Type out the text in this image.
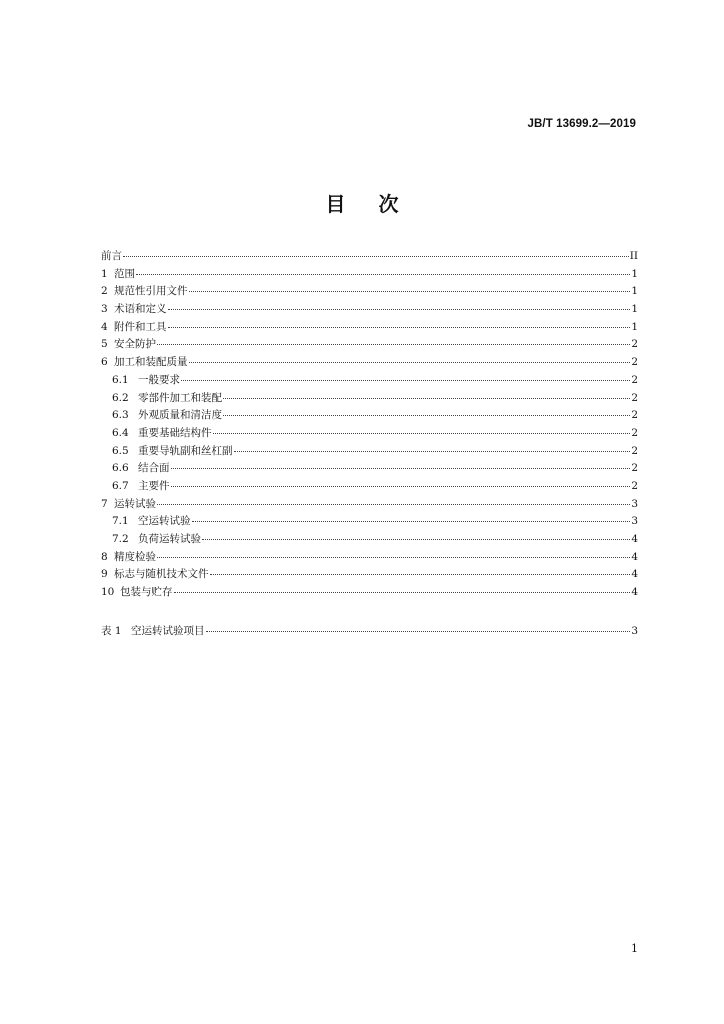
JB/T 13699.2—2019
目 次
前言	II
1 范围	1
2 规范性引用文件	1
3 术语和定义	1
4 附件和工具	1
5 安全防护	2
6 加工和装配质量	2
6.1 一般要求	2
6.2 零部件加工和装配	2
6.3 外观质量和清洁度	2
6.4 重要基础结构件	2
6.5 重要导轨副和丝杠副	2
6.6 结合面	2
6.7 主要件	2
7 运转试验	3
7.1 空运转试验	3
7.2 负荷运转试验	4
8 精度检验	4
9 标志与随机技术文件	4
10 包装与贮存	4
表 1 空运转试验项目	3
1
